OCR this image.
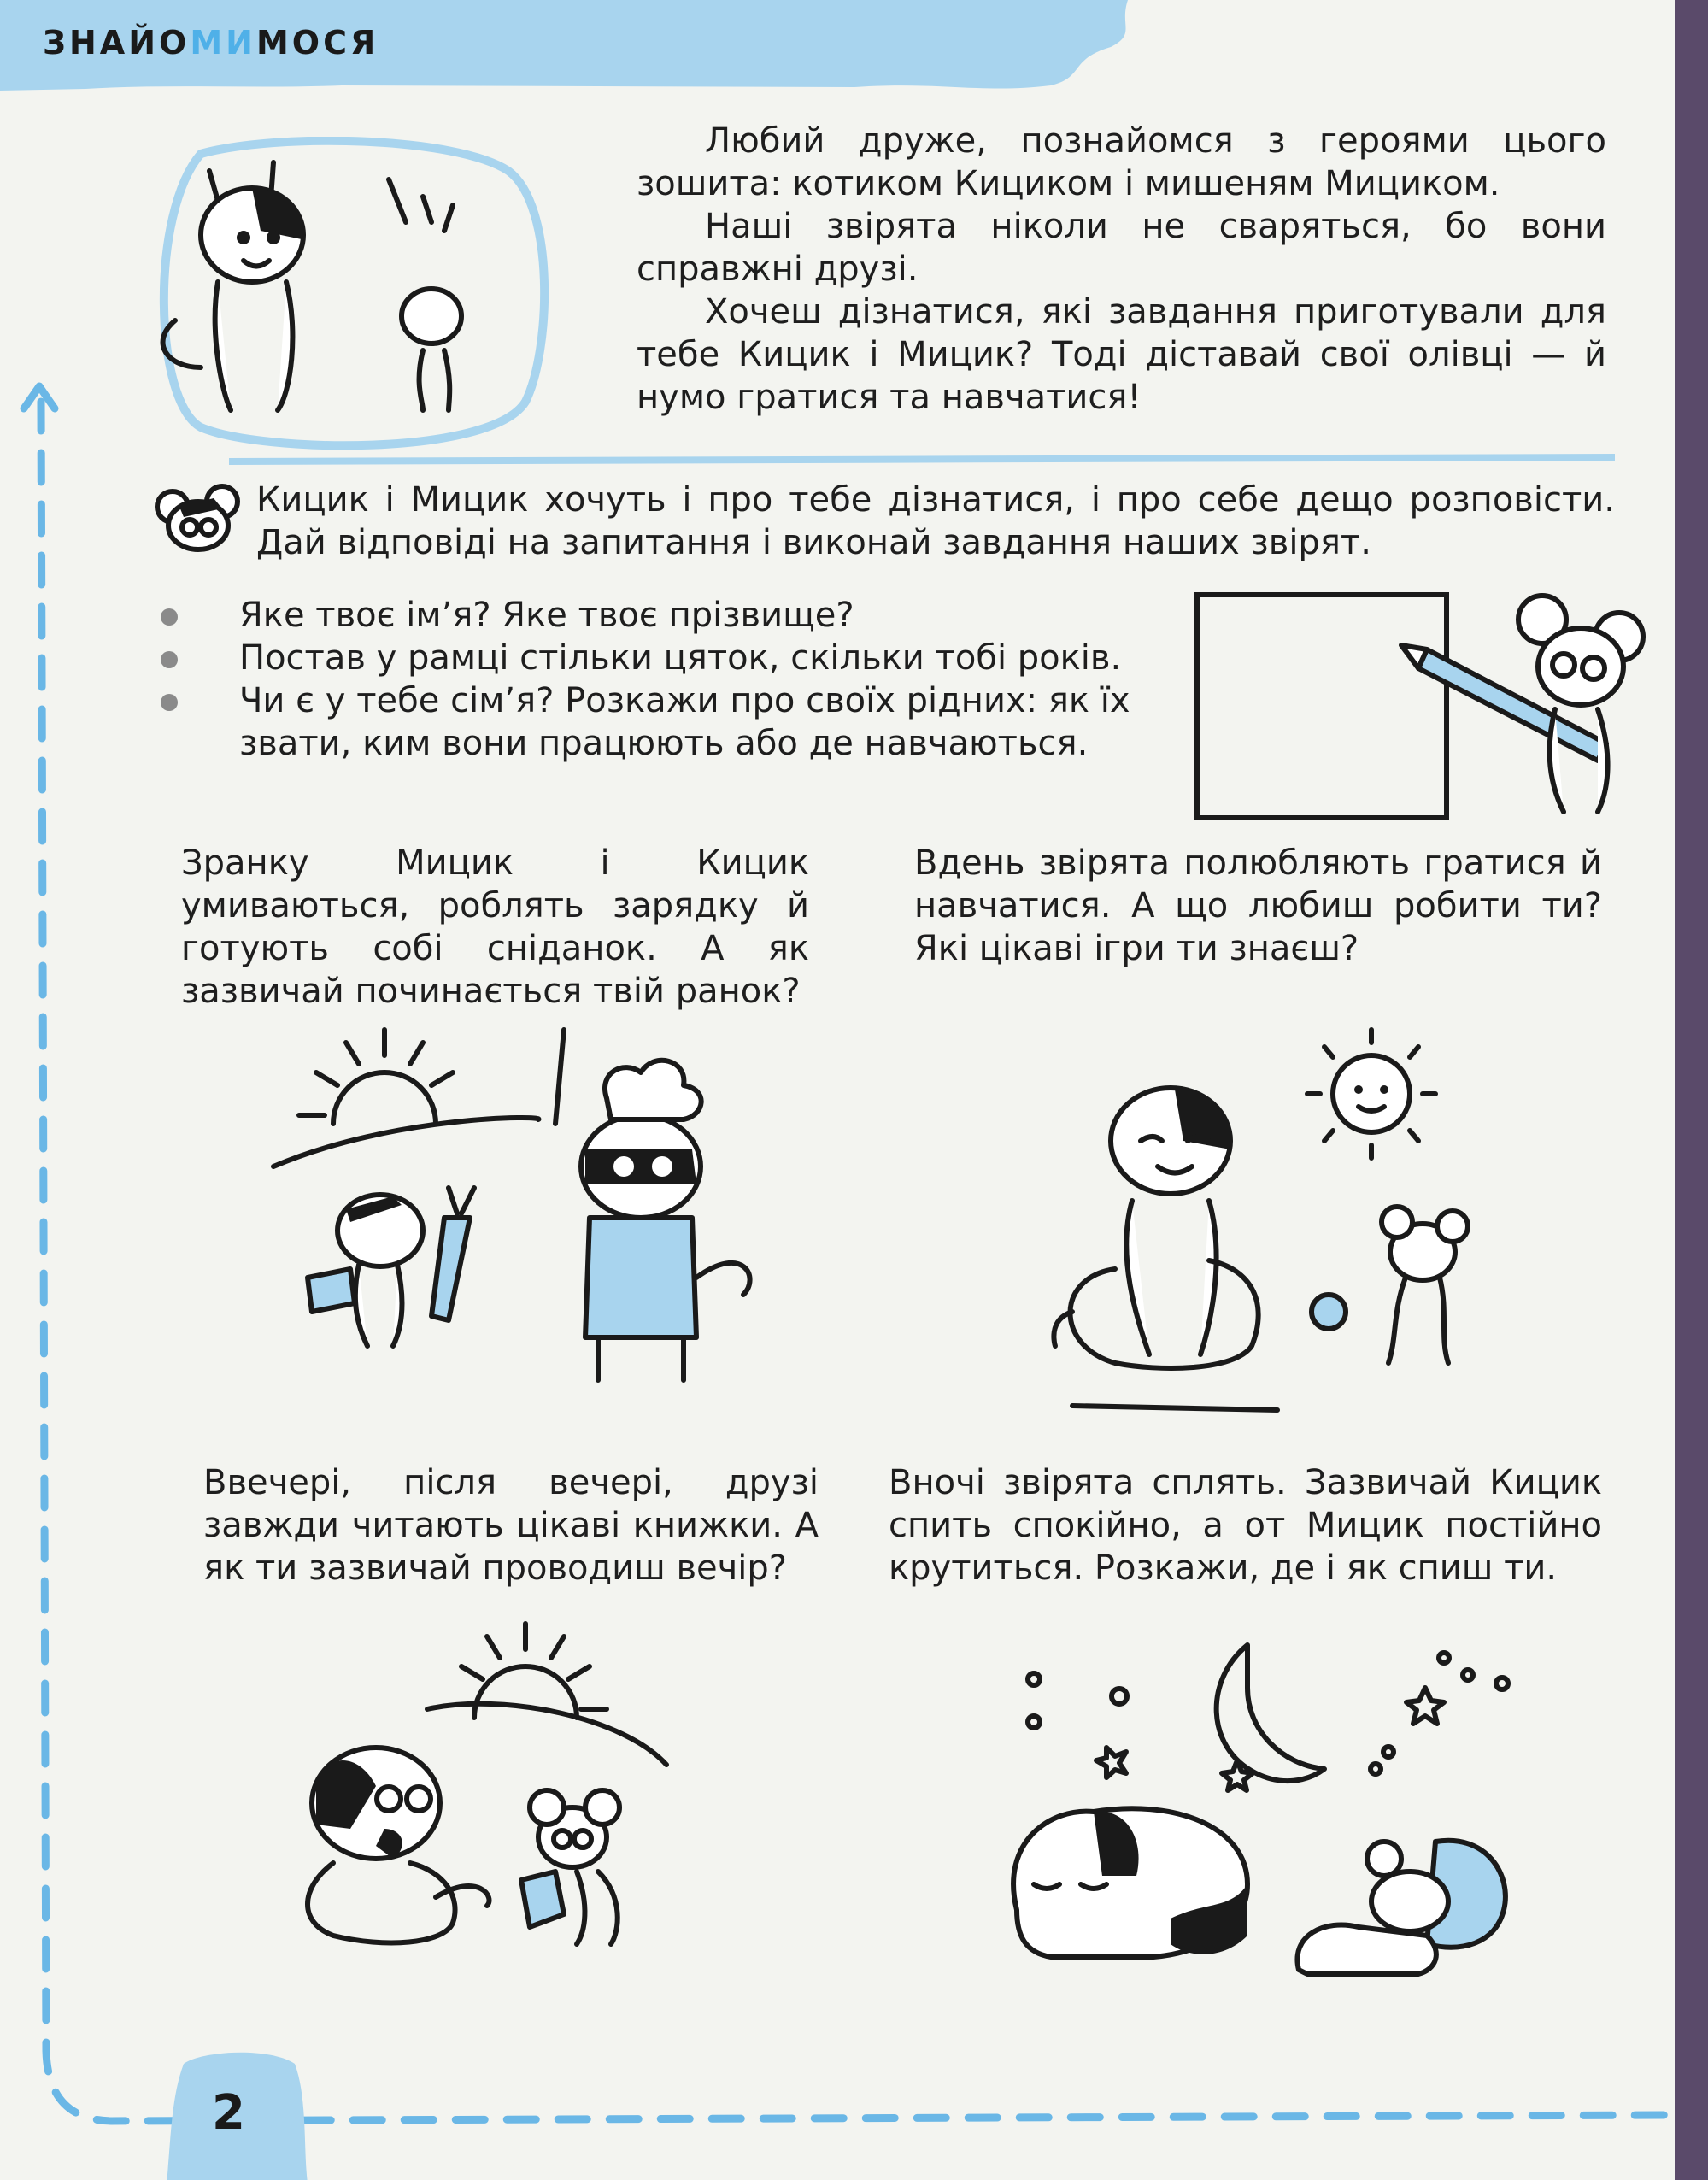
ЗНАЙОМИМОСЯ
Любий друже, познайомся з героями цього зошита: котиком Кициком і мишеням Мициком.
Наші звірята ніколи не сваряться, бо вони справжні друзі.
Хочеш дізнатися, які завдання приготували для тебе Кицик і Мицик? Тоді діставай свої олівці — й нумо гратися та навчатися!
Кицик і Мицик хочуть і про тебе дізнатися, і про себе дещо розповісти. Дай відповіді на запитання і виконай завдання наших звірят.
Яке твоє ім’я? Яке твоє прізвище?
Постав у рамці стільки цяток, скільки тобі років.
Чи є у тебе сім’я? Розкажи про своїх рідних: як їх звати, ким вони працюють або де навчаються.
Зранку Мицик і Кицик умиваються, роблять зарядку й готують собі сніданок. А як зазвичай починається твій ранок?
Вдень звірята полюбляють гратися й навчатися. А що любиш робити ти? Які цікаві ігри ти знаєш?
Ввечері, після вечері, друзі завжди читають цікаві книжки. А як ти зазвичай проводиш вечір?
Вночі звірята сплять. Зазвичай Кицик спить спокійно, а от Мицик постійно крутиться. Розкажи, де і як спиш ти.
2
